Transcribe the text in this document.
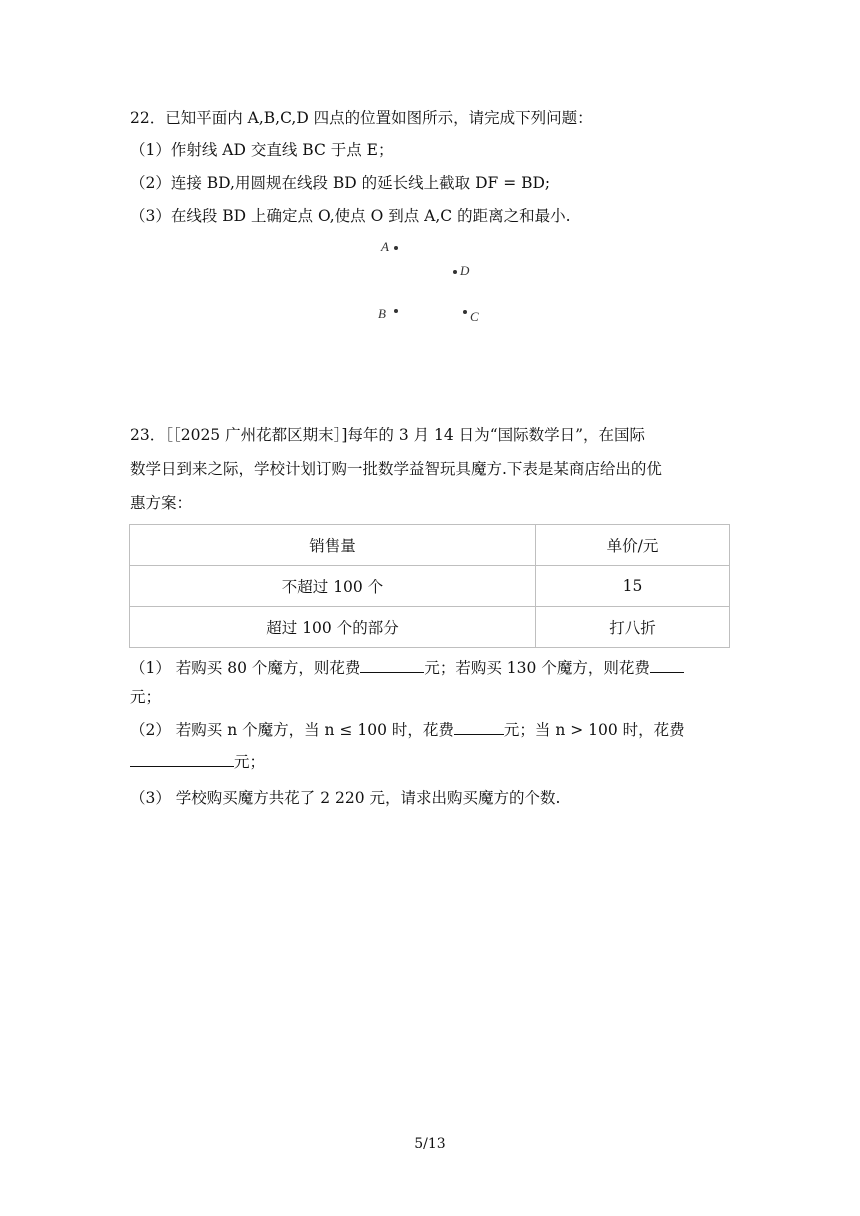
22．已知平面内 A,B,C,D 四点的位置如图所示，请完成下列问题：
（1）作射线 AD 交直线 BC 于点 E；
（2）连接 BD,用圆规在线段 BD 的延长线上截取 DF = BD;
（3）在线段 BD 上确定点 O,使点 O 到点 A,C 的距离之和最小.
A
D
B	C
23．［［2025 广州花都区期末］]每年的 3 月 14 日为“国际数学日”，在国际
数学日到来之际，学校计划订购一批数学益智玩具魔方.下表是某商店给出的优
惠方案：
销售量	单价/元
不超过 100 个	15
超过 100 个的部分	打八折
（1） 若购买 80 个魔方，则花费	元；若购买 130 个魔方，则花费
元；
（2） 若购买 n 个魔方，当 n ≤ 100 时，花费	元；当 n > 100 时，花费
元；
（3） 学校购买魔方共花了 2 220 元，请求出购买魔方的个数.
5/13
